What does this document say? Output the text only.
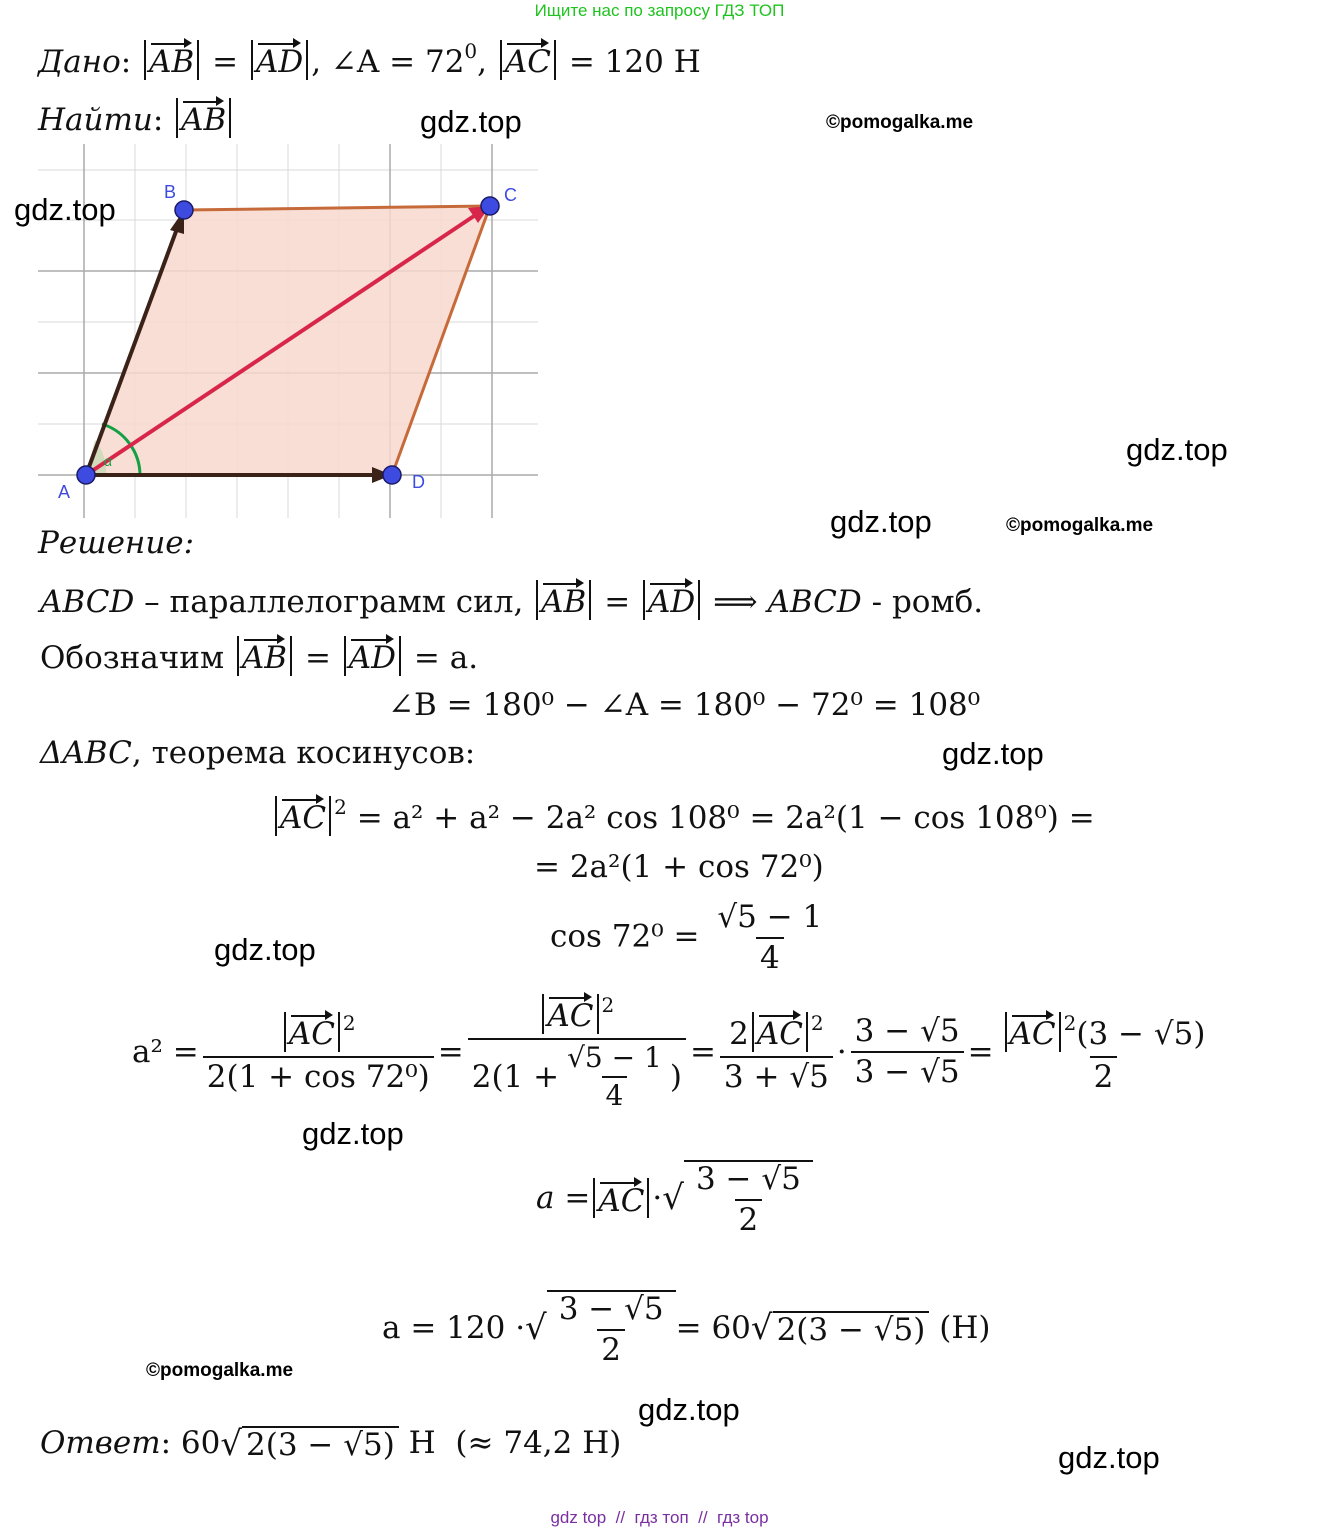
Ищите нас по запросу ГДЗ ТОП
Дано: AB = AD , ∠A = $72^0$, AC = 120 Н
Найти: AB
A
B	C
D
α
Решение:
ABCD – параллелограмм сил, AB = AD ⟹ ABCD - ромб.
Обозначим AB = AD = a.
∠B = 180⁰ − ∠A = 180⁰ − 72⁰ = 108⁰
ΔABC, теорема косинусов:
AC $^2$ = a² + a² − 2a² cos 108⁰ = 2a²(1 − cos 108⁰) =
= 2a²(1 + cos 72⁰)
$\cos 72^0 = \frac{√5 - 1}{4}$
$a^2 = \frac{AC ^2}{\text{2(1 + cos 72⁰)}} = \frac{AC ^2}{2(1 + \frac{√5 - 1}{4} )} = \frac{2 AC ^2}{3 + √5} \cdot \frac{3 - √5}{3 - √5} = \frac{AC ^2(3 - √5)}{2}$
a = AC · √ $\frac{3 - √5}{2}$
a = 120 · √ $\frac{3 - √5}{2} = 60$ √ 2(3 − √5)
(Н)
Ответ : 60 √ 2(3 − √5) Н  (≈ 74,2 Н)
gdz.top	©pomogalka.me
gdz.top
gdz.top
gdz.top	©pomogalka.me
gdz.top
gdz.top
gdz.top
©pomogalka.me
gdz.top
gdz.top
gdz top  //  гдз топ  //  гдз top
